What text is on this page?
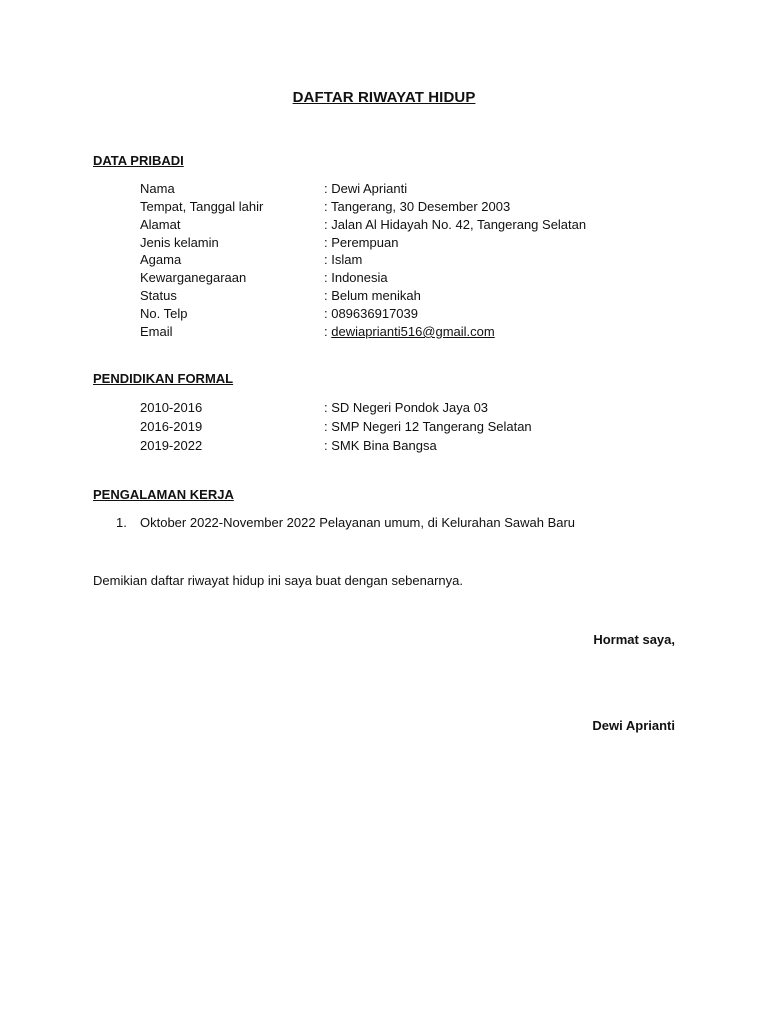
DAFTAR RIWAYAT HIDUP
DATA PRIBADI
Nama	: Dewi Aprianti
Tempat, Tanggal lahir	: Tangerang, 30 Desember 2003
Alamat	: Jalan Al Hidayah No. 42, Tangerang Selatan
Jenis kelamin	: Perempuan
Agama	: Islam
Kewarganegaraan	: Indonesia
Status	: Belum menikah
No. Telp	: 089636917039
Email	: dewiaprianti516@gmail.com
PENDIDIKAN FORMAL
2010-2016	: SD Negeri Pondok Jaya 03
2016-2019	: SMP Negeri 12 Tangerang Selatan
2019-2022	: SMK Bina Bangsa
PENGALAMAN KERJA
1. Oktober 2022-November 2022 Pelayanan umum, di Kelurahan Sawah Baru
Demikian daftar riwayat hidup ini saya buat dengan sebenarnya.
Hormat saya,
Dewi Aprianti
